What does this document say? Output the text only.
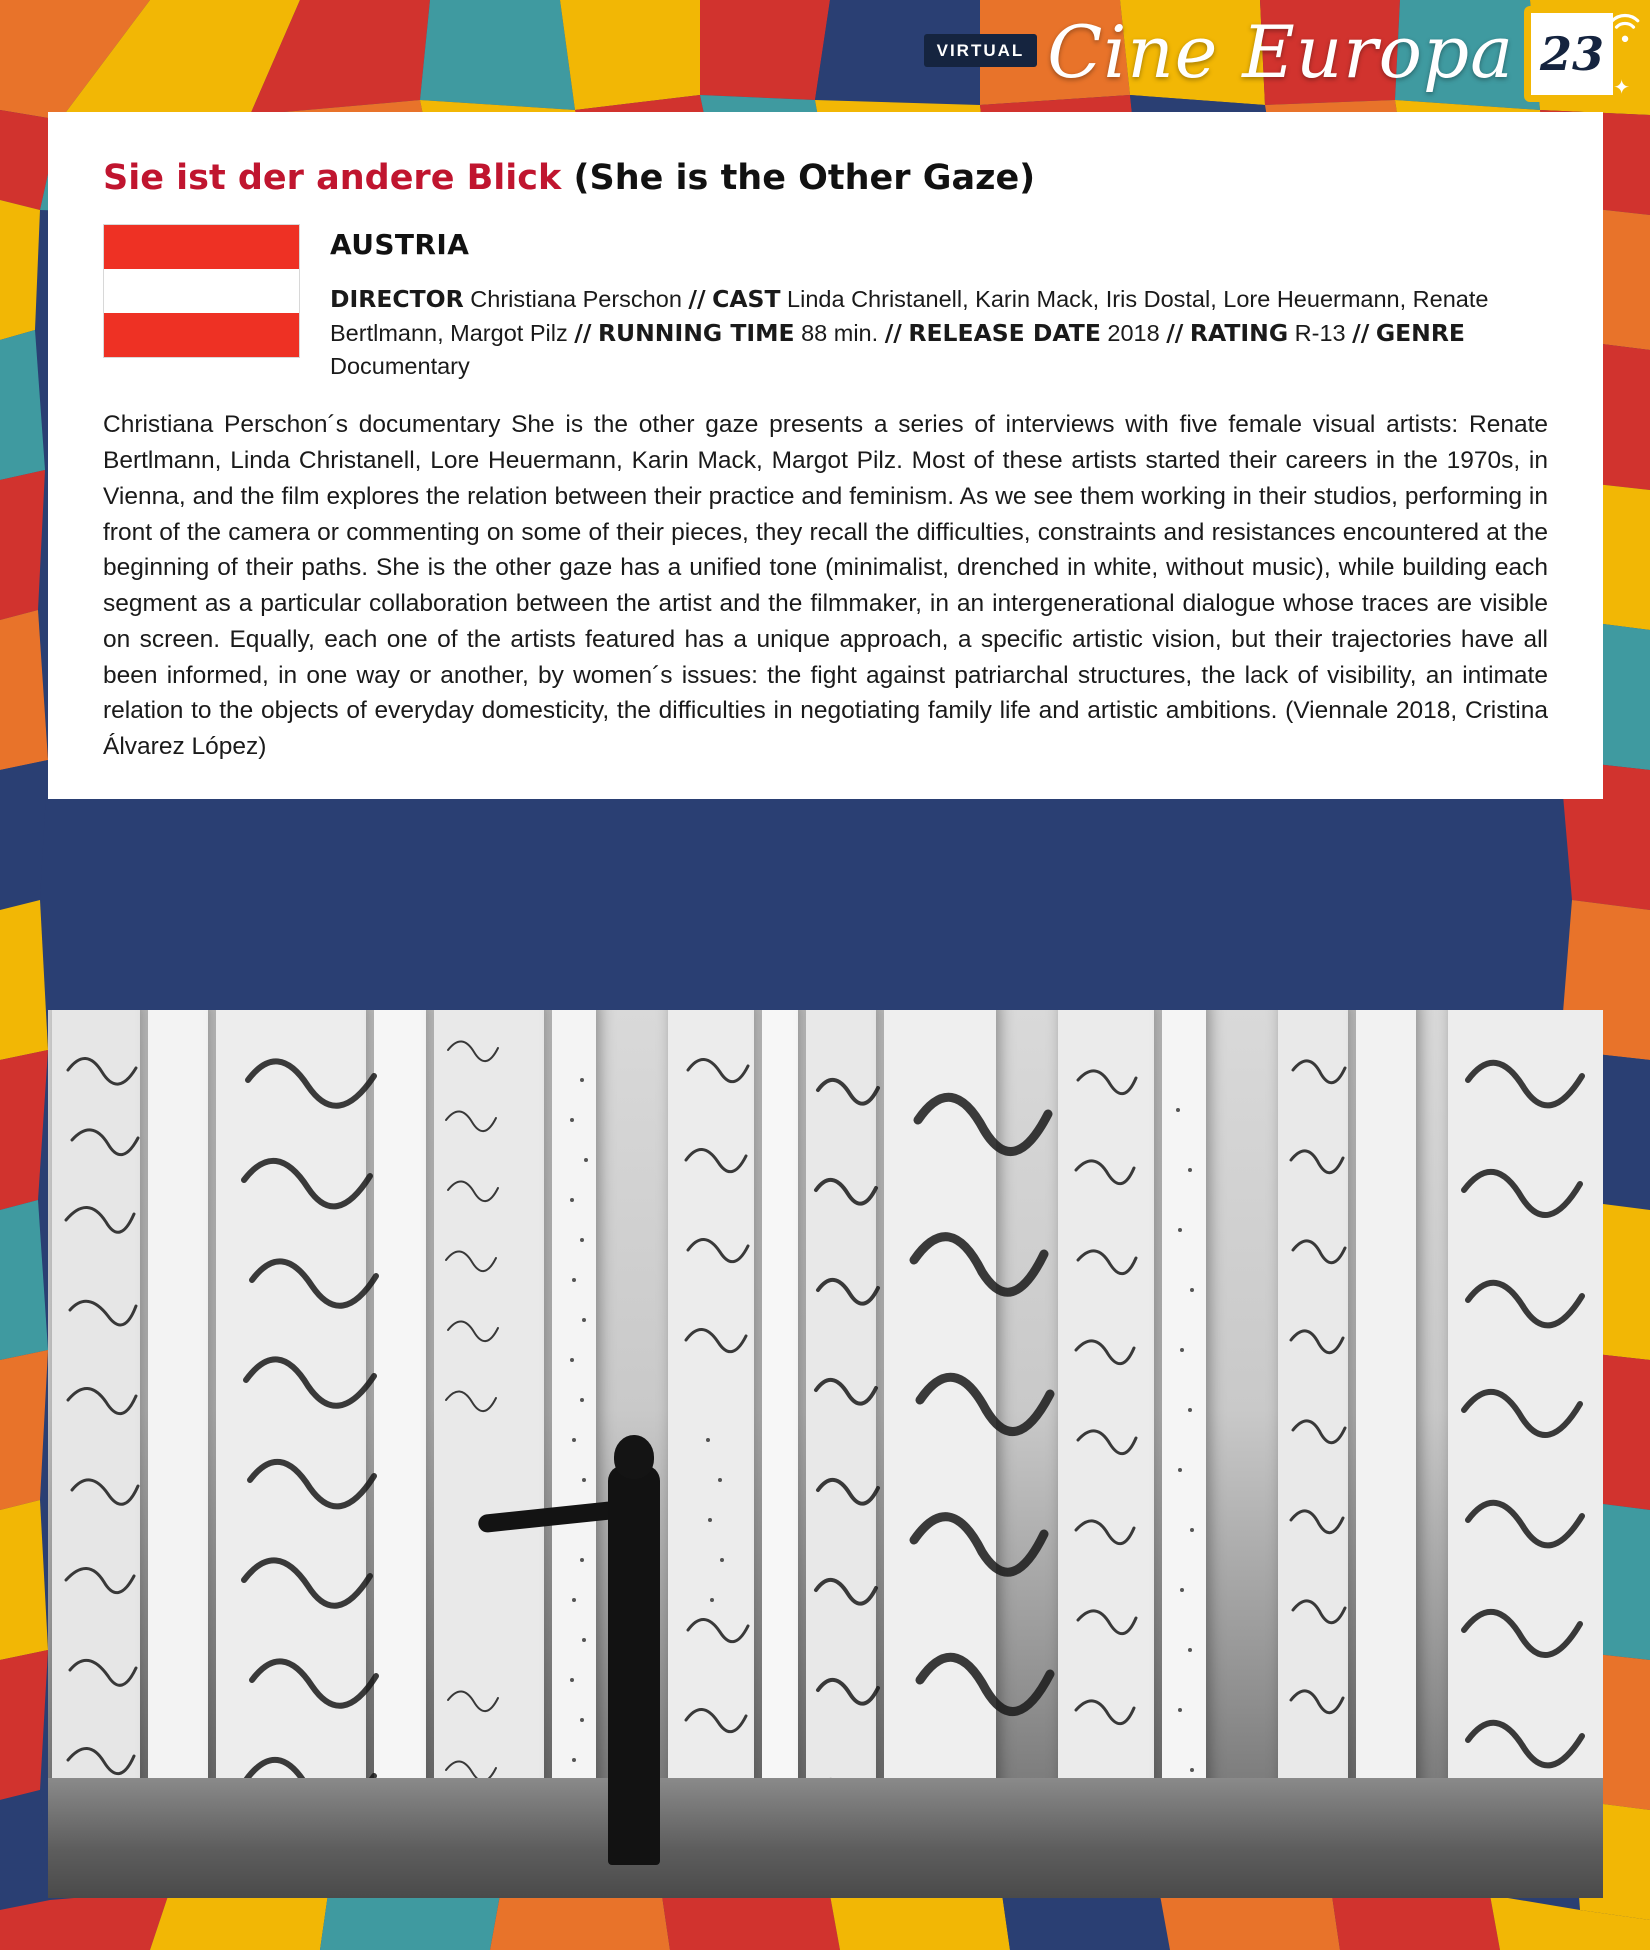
VIRTUAL Cine Europa 23
✦
Sie ist der andere Blick (She is the Other Gaze)
AUSTRIA
DIRECTOR Christiana Perschon // CAST Linda Christanell, Karin Mack, Iris Dostal, Lore Heuermann, Renate Bertlmann, Margot Pilz // RUNNING TIME 88 min. // RELEASE DATE 2018 // RATING R-13 // GENRE Documentary
Christiana Perschon´s documentary She is the other gaze presents a series of interviews with five female visual artists: Renate Bertlmann, Linda Christanell, Lore Heuermann, Karin Mack, Margot Pilz. Most of these artists started their careers in the 1970s, in Vienna, and the film explores the relation between their practice and feminism. As we see them working in their studios, performing in front of the camera or commenting on some of their pieces, they recall the difficulties, constraints and resistances encountered at the beginning of their paths. She is the other gaze has a unified tone (minimalist, drenched in white, without music), while building each segment as a particular collaboration between the artist and the filmmaker, in an intergenerational dialogue whose traces are visible on screen. Equally, each one of the artists featured has a unique approach, a specific artistic vision, but their trajectories have all been informed, in one way or another, by women´s issues: the fight against patriarchal structures, the lack of visibility, an intimate relation to the objects of everyday domesticity, the difficulties in negotiating family life and artistic ambitions. (Viennale 2018, Cristina Álvarez López)
